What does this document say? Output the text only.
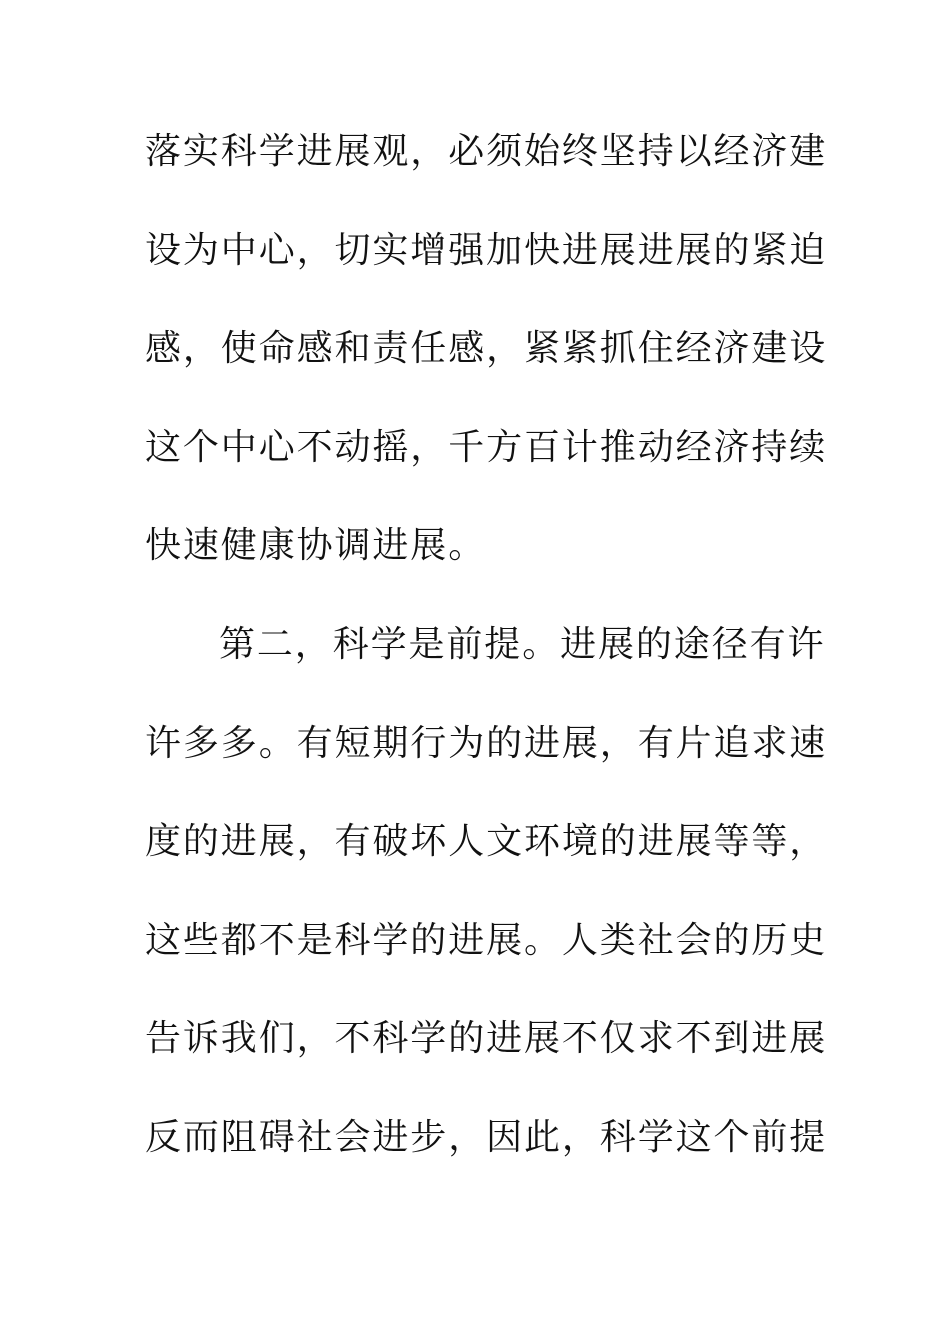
落实科学进展观，必须始终坚持以经济建
设为中心，切实增强加快进展进展的紧迫
感，使命感和责任感，紧紧抓住经济建设
这个中心不动摇，千方百计推动经济持续
快速健康协调进展。
第二，科学是前提。进展的途径有许
许多多。有短期行为的进展，有片追求速
度的进展，有破坏人文环境的进展等等，
这些都不是科学的进展。人类社会的历史
告诉我们，不科学的进展不仅求不到进展
反而阻碍社会进步，因此，科学这个前提
